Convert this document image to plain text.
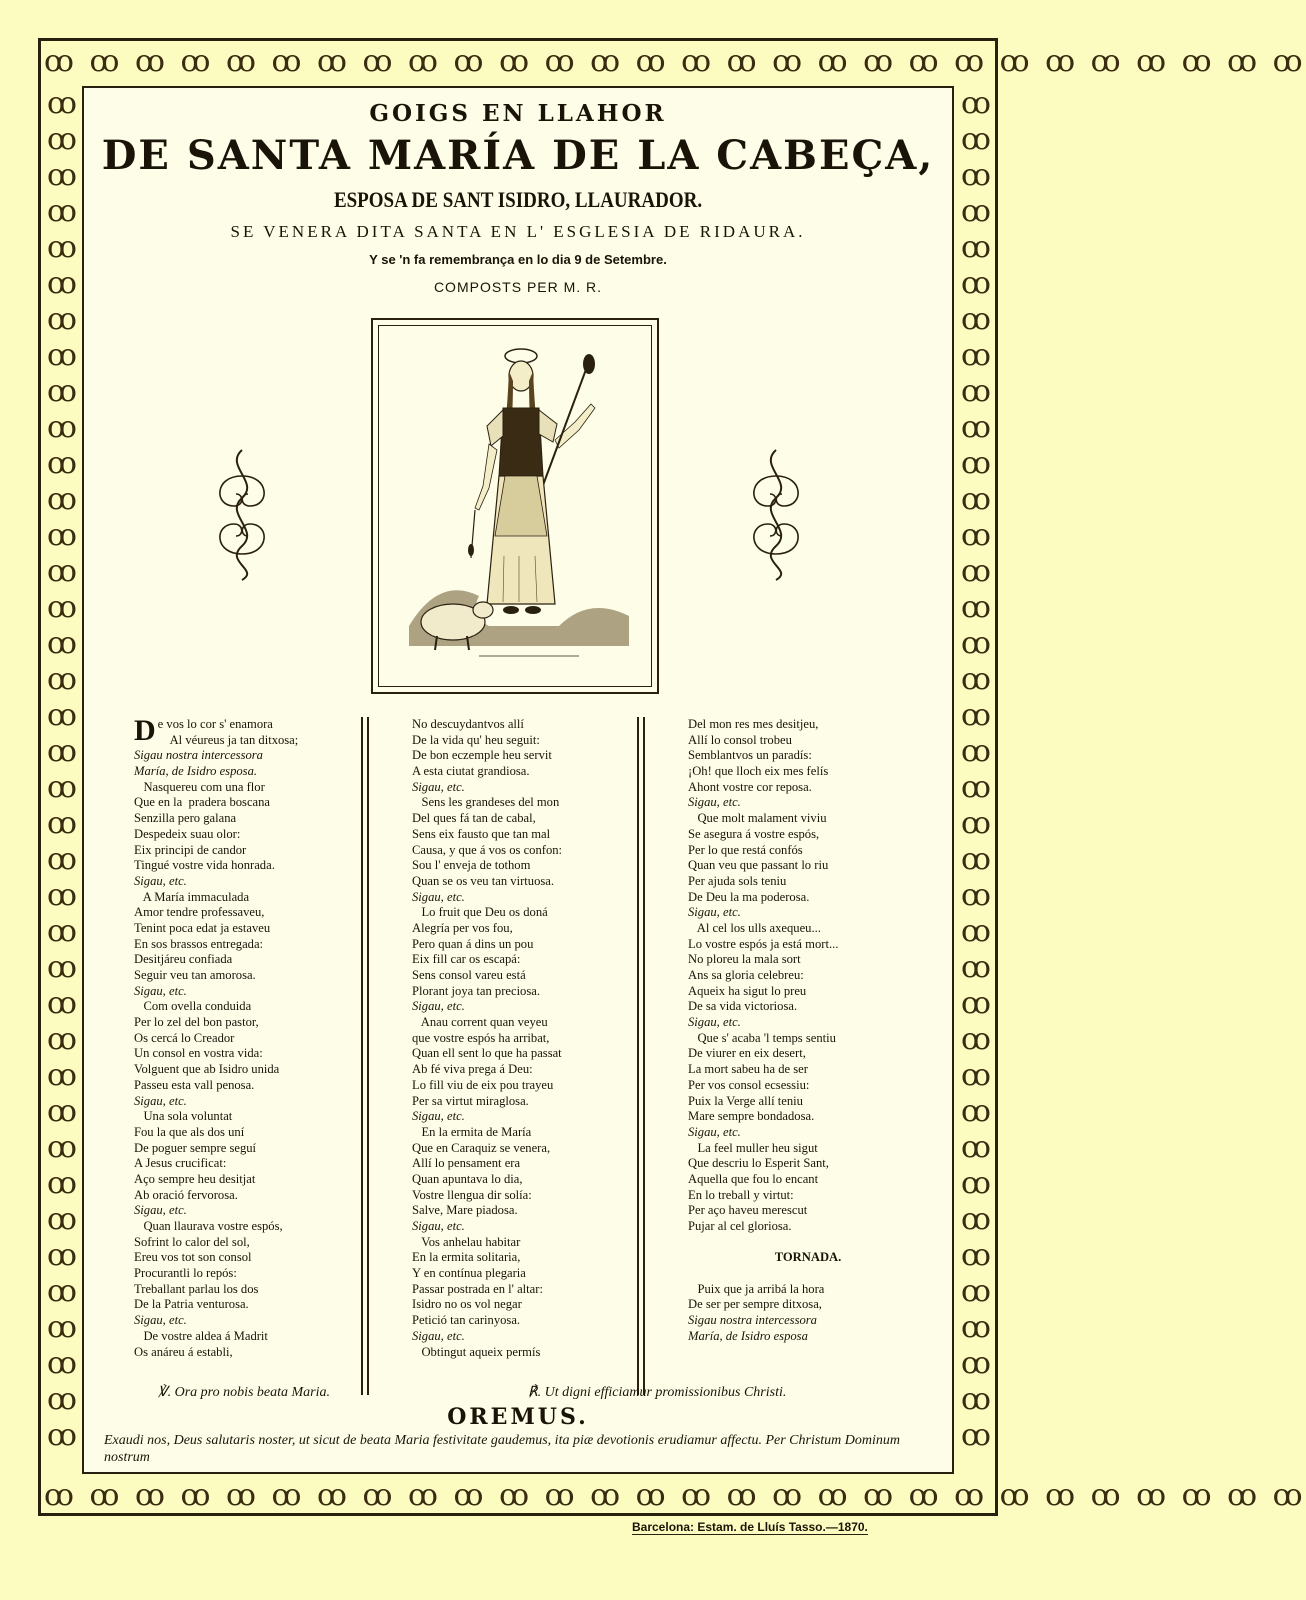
ꝏ ꝏ ꝏ ꝏ ꝏ ꝏ ꝏ ꝏ ꝏ ꝏ ꝏ ꝏ ꝏ ꝏ ꝏ ꝏ ꝏ ꝏ ꝏ ꝏ ꝏ ꝏ ꝏ ꝏ ꝏ ꝏ ꝏ ꝏ
ꝏ ꝏ ꝏ ꝏ ꝏ ꝏ ꝏ ꝏ ꝏ ꝏ ꝏ ꝏ ꝏ ꝏ ꝏ ꝏ ꝏ ꝏ ꝏ ꝏ ꝏ ꝏ ꝏ ꝏ ꝏ ꝏ ꝏ ꝏ
ꝏ
ꝏ
ꝏ
ꝏ
ꝏ
ꝏ
ꝏ
ꝏ
ꝏ
ꝏ
ꝏ
ꝏ
ꝏ
ꝏ
ꝏ
ꝏ
ꝏ
ꝏ
ꝏ
ꝏ
ꝏ
ꝏ
ꝏ
ꝏ
ꝏ
ꝏ
ꝏ
ꝏ
ꝏ
ꝏ
ꝏ
ꝏ
ꝏ
ꝏ
ꝏ
ꝏ
ꝏ
ꝏ
ꝏ
ꝏ
ꝏ
ꝏ
ꝏ
ꝏ
ꝏ
ꝏ
ꝏ
ꝏ
ꝏ
ꝏ
ꝏ
ꝏ
ꝏ
ꝏ
ꝏ
ꝏ
ꝏ
ꝏ
ꝏ
ꝏ
ꝏ
ꝏ
ꝏ
ꝏ
ꝏ
ꝏ
ꝏ
ꝏ
ꝏ
ꝏ
ꝏ
ꝏ
ꝏ
ꝏ
ꝏ
ꝏ
GOIGS EN LLAHOR
DE SANTA MARÍA DE LA CABEÇA,
ESPOSA DE SANT ISIDRO, LLAURADOR.
SE VENERA DITA SANTA EN L' ESGLESIA DE RIDAURA.
Y se 'n fa remembrança en lo dia 9 de Setembre.
COMPOSTS PER M. R.
De vos lo cor s' enamora
Al véureus ja tan ditxosa;
Sigau nostra intercessora
María, de Isidro esposa.
Nasquereu com una flor
Que en la  pradera boscana
Senzilla pero galana
Despedeix suau olor:
Eix principi de candor
Tingué vostre vida honrada.
Sigau, etc.
A María immaculada
Amor tendre professaveu,
Tenint poca edat ja estaveu
En sos brassos entregada:
Desitjáreu confiada
Seguir veu tan amorosa.
Sigau, etc.
Com ovella conduida
Per lo zel del bon pastor,
Os cercá lo Creador
Un consol en vostra vida:
Volguent que ab Isidro unida
Passeu esta vall penosa.
Sigau, etc.
Una sola voluntat
Fou la que als dos uní
De poguer sempre seguí
A Jesus crucificat:
Aço sempre heu desitjat
Ab oració fervorosa.
Sigau, etc.
Quan llaurava vostre espós,
Sofrint lo calor del sol,
Ereu vos tot son consol
Procurantli lo repós:
Treballant parlau los dos
De la Patria venturosa.
Sigau, etc.
De vostre aldea á Madrit
Os anáreu á establi,
No descuydantvos allí
De la vida qu' heu seguit:
De bon eczemple heu servit
A esta ciutat grandiosa.
Sigau, etc.
Sens les grandeses del mon
Del ques fá tan de cabal,
Sens eix fausto que tan mal
Causa, y que á vos os confon:
Sou l' enveja de tothom
Quan se os veu tan virtuosa.
Sigau, etc.
Lo fruit que Deu os doná
Alegría per vos fou,
Pero quan á dins un pou
Eix fill car os escapá:
Sens consol vareu está
Plorant joya tan preciosa.
Sigau, etc.
Anau corrent quan veyeu
que vostre espós ha arribat,
Quan ell sent lo que ha passat
Ab fé viva prega á Deu:
Lo fill viu de eix pou trayeu
Per sa virtut miraglosa.
Sigau, etc.
En la ermita de María
Que en Caraquiz se venera,
Allí lo pensament era
Quan apuntava lo dia,
Vostre llengua dir solía:
Salve, Mare piadosa.
Sigau, etc.
Vos anhelau habitar
En la ermita solitaria,
Y en contínua plegaria
Passar postrada en l' altar:
Isidro no os vol negar
Petició tan carinyosa.
Sigau, etc.
Obtingut aqueix permís
Del mon res mes desitjeu,
Allí lo consol trobeu
Semblantvos un paradís:
¡Oh! que lloch eix mes felís
Ahont vostre cor reposa.
Sigau, etc.
Que molt malament viviu
Se asegura á vostre espós,
Per lo que restá confós
Quan veu que passant lo riu
Per ajuda sols teniu
De Deu la ma poderosa.
Sigau, etc.
Al cel los ulls axequeu...
Lo vostre espós ja está mort...
No ploreu la mala sort
Ans sa gloria celebreu:
Aqueix ha sigut lo preu
De sa vida victoriosa.
Sigau, etc.
Que s' acaba 'l temps sentiu
De viurer en eix desert,
La mort sabeu ha de ser
Per vos consol ecsessiu:
Puix la Verge allí teniu
Mare sempre bondadosa.
Sigau, etc.
La feel muller heu sigut
Que descriu lo Esperit Sant,
Aquella que fou lo encant
En lo treball y virtut:
Per aço haveu merescut
Pujar al cel gloriosa.
TORNADA.
Puix que ja arribá la hora
De ser per sempre ditxosa,
Sigau nostra intercessora
María, de Isidro esposa
℣. Ora pro nobis beata Maria.	℟. Ut digni efficiamur promissionibus Christi.
OREMUS.
Exaudi nos, Deus salutaris noster, ut sicut de beata Maria festivitate gaudemus, ita piæ devotionis erudiamur affectu. Per Christum Dominum nostrum
Barcelona: Estam. de Lluís Tasso.—1870.
